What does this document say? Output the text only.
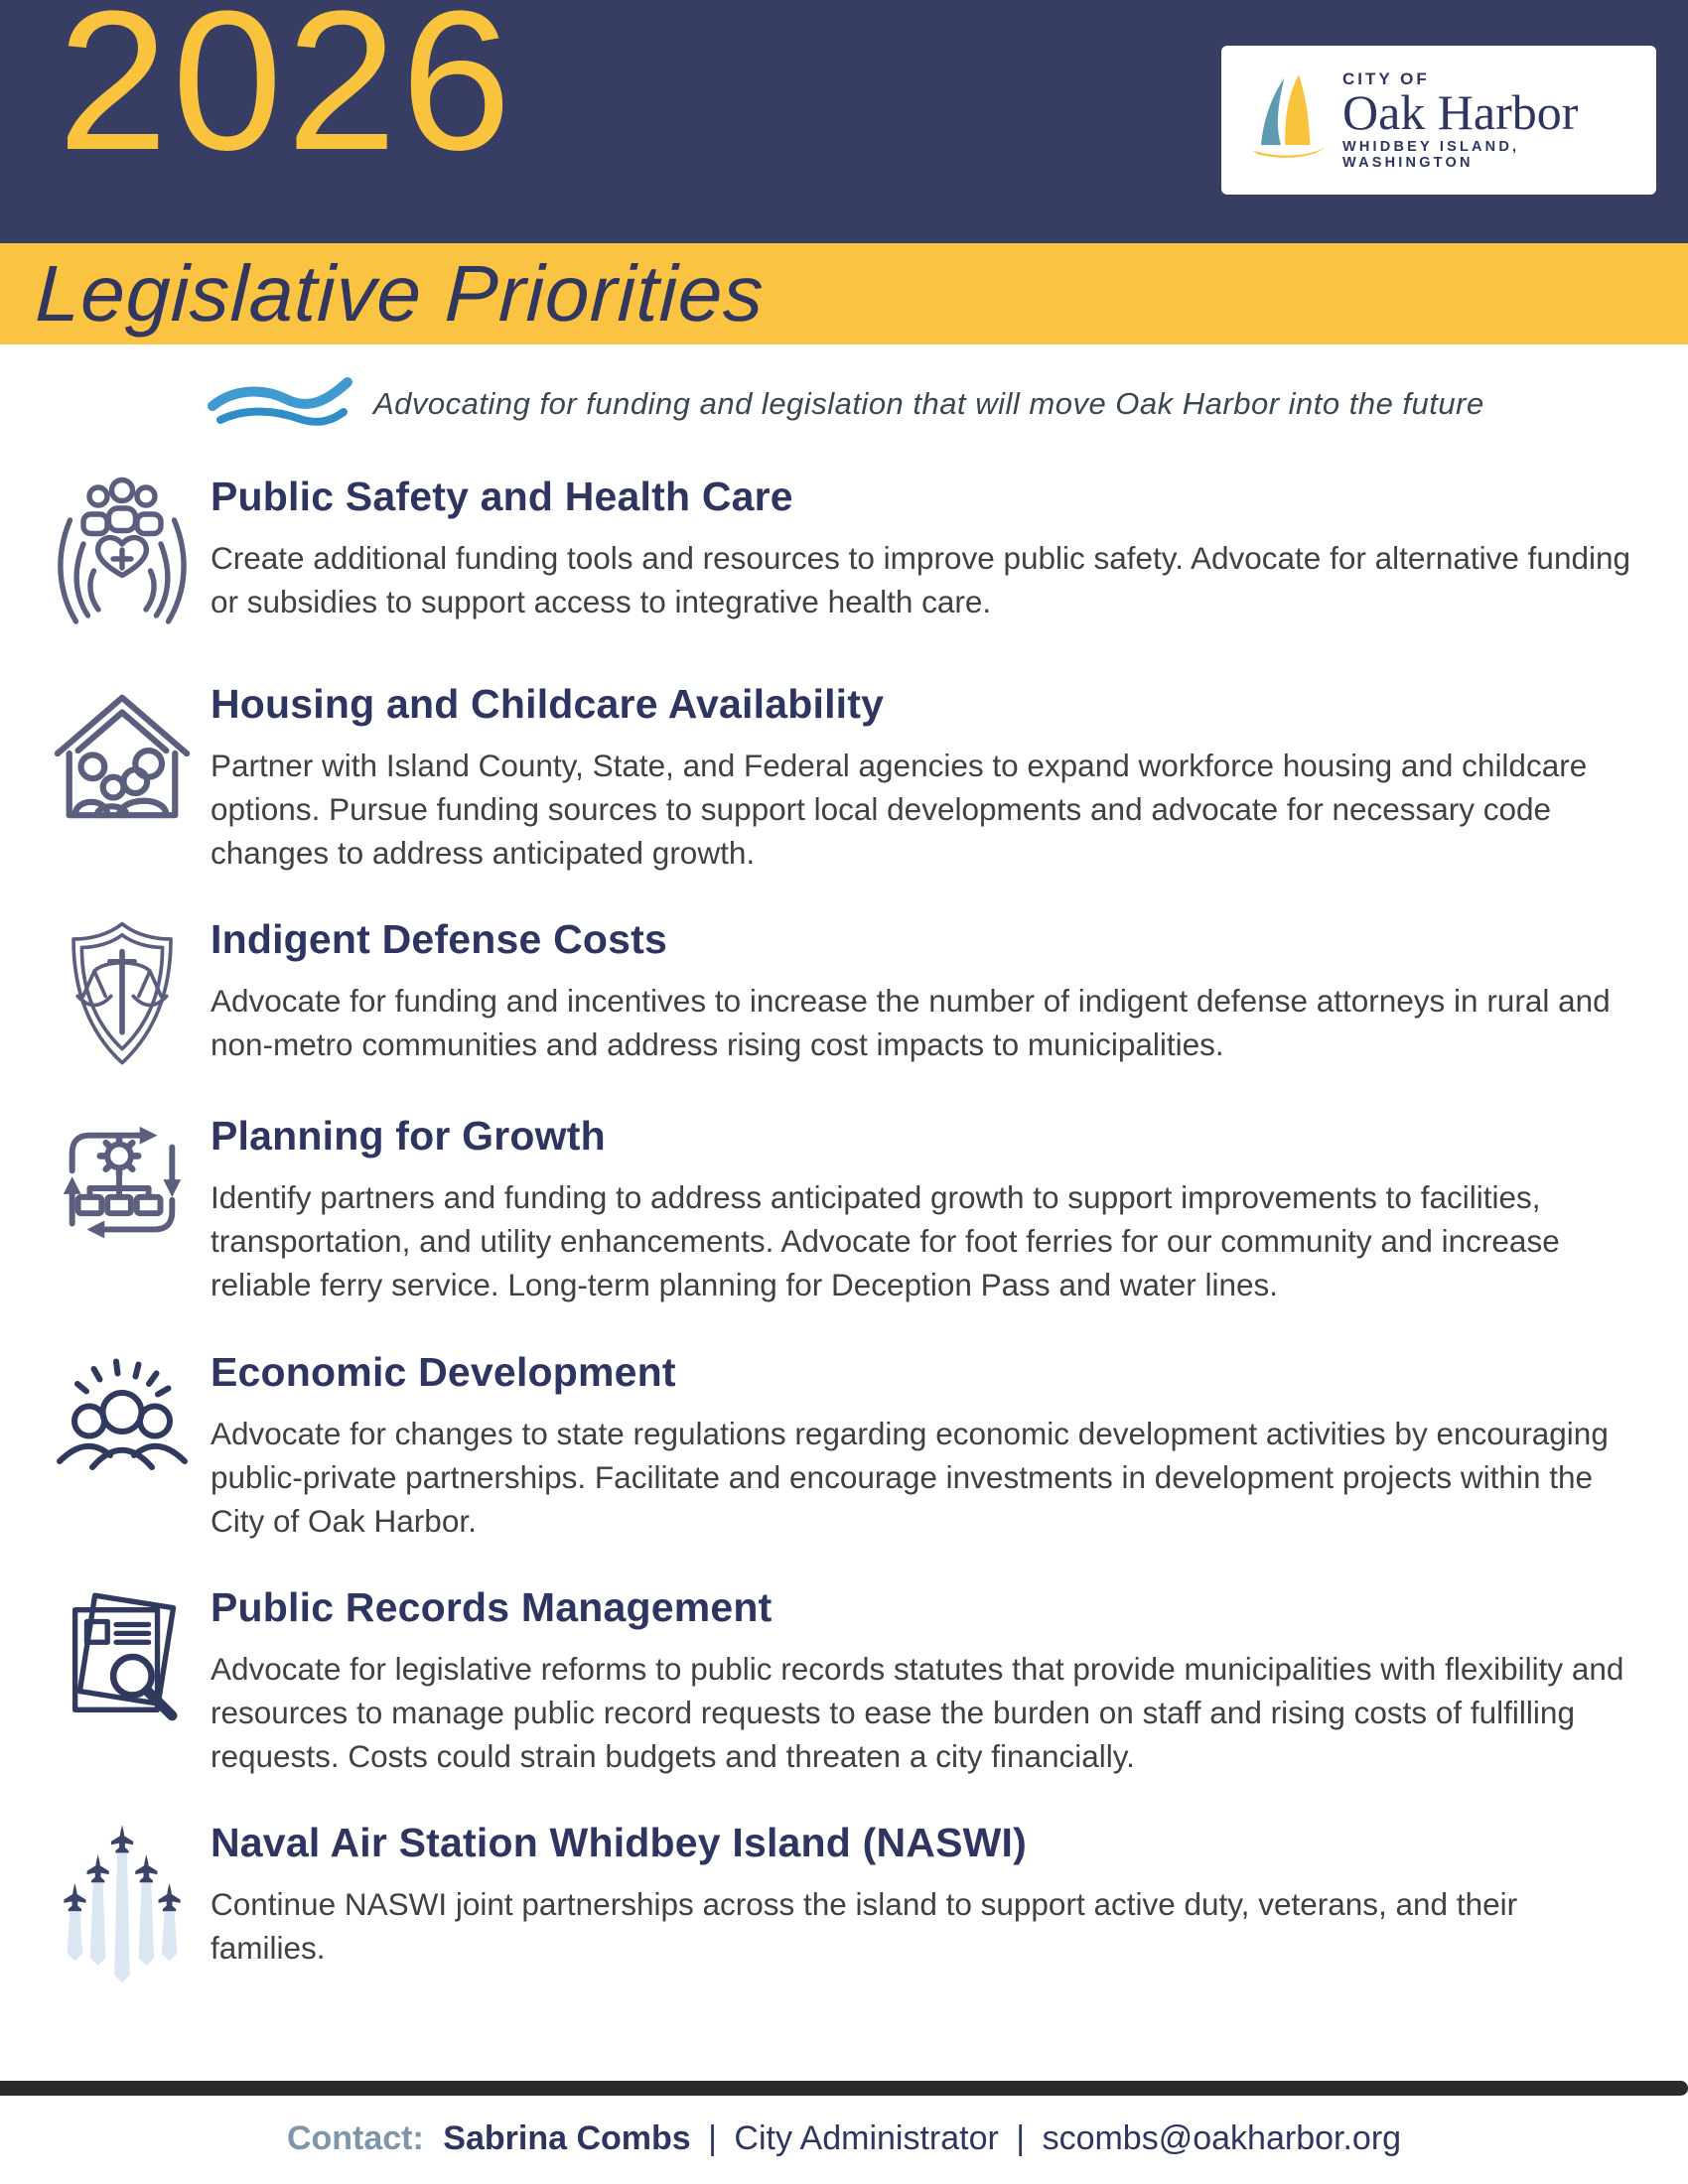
2026	CITY OF
Oak Harbor
WHIDBEY ISLAND, WASHINGTON
Legislative Priorities
Advocating for funding and legislation that will move Oak Harbor into the future
Public Safety and Health Care

Create additional funding tools and resources to improve public safety. Advocate for alternative funding or subsidies to support access to integrative health care.

Housing and Childcare Availability

Partner with Island County, State, and Federal agencies to expand workforce housing and childcare options. Pursue funding sources to support local developments and advocate for necessary code changes to address anticipated growth.

Indigent Defense Costs

Advocate for funding and incentives to increase the number of indigent defense attorneys in rural and non-metro communities and address rising cost impacts to municipalities.

Planning for Growth

Identify partners and funding to address anticipated growth to support improvements to facilities, transportation, and utility enhancements. Advocate for foot ferries for our community and increase reliable ferry service. Long-term planning for Deception Pass and water lines.

Economic Development

Advocate for changes to state regulations regarding economic development activities by encouraging public-private partnerships. Facilitate and encourage investments in development projects within the City of Oak Harbor.

Public Records Management

Advocate for legislative reforms to public records statutes that provide municipalities with flexibility and resources to manage public record requests to ease the burden on staff and rising costs of fulfilling requests. Costs could strain budgets and threaten a city financially.

Naval Air Station Whidbey Island (NASWI)

Continue NASWI joint partnerships across the island to support active duty, veterans, and their families.

Contact: Sabrina Combs | City Administrator | scombs@oakharbor.org
